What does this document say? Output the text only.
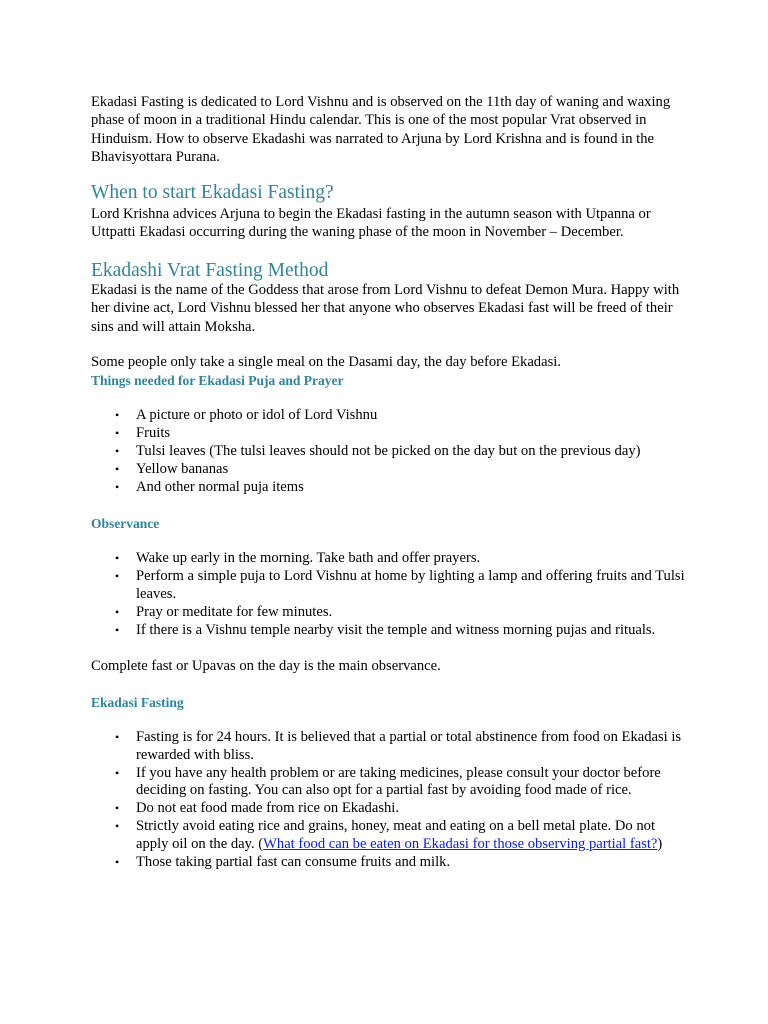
Ekadasi Fasting is dedicated to Lord Vishnu and is observed on the 11th day of waning and waxing phase of moon in a traditional Hindu calendar. This is one of the most popular Vrat observed in Hinduism. How to observe Ekadashi was narrated to Arjuna by Lord Krishna and is found in the Bhavisyottara Purana.

When to start Ekadasi Fasting?

Lord Krishna advices Arjuna to begin the Ekadasi fasting in the autumn season with Utpanna or Uttpatti Ekadasi occurring during the waning phase of the moon in November – December.

Ekadashi Vrat Fasting Method

Ekadasi is the name of the Goddess that arose from Lord Vishnu to defeat Demon Mura. Happy with her divine act, Lord Vishnu blessed her that anyone who observes Ekadasi fast will be freed of their sins and will attain Moksha.

Some people only take a single meal on the Dasami day, the day before Ekadasi.

Things needed for Ekadasi Puja and Prayer
• A picture or photo or idol of Lord Vishnu
• Fruits
• Tulsi leaves (The tulsi leaves should not be picked on the day but on the previous day)
• Yellow bananas
• And other normal puja items
Observance
• Wake up early in the morning. Take bath and offer prayers.
• Perform a simple puja to Lord Vishnu at home by lighting a lamp and offering fruits and Tulsi leaves.
• Pray or meditate for few minutes.
• If there is a Vishnu temple nearby visit the temple and witness morning pujas and rituals.

Complete fast or Upavas on the day is the main observance.

Ekadasi Fasting
• Fasting is for 24 hours. It is believed that a partial or total abstinence from food on Ekadasi is rewarded with bliss.
• If you have any health problem or are taking medicines, please consult your doctor before deciding on fasting. You can also opt for a partial fast by avoiding food made of rice.
• Do not eat food made from rice on Ekadashi.
• Strictly avoid eating rice and grains, honey, meat and eating on a bell metal plate. Do not apply oil on the day. (What food can be eaten on Ekadasi for those observing partial fast?)
• Those taking partial fast can consume fruits and milk.
